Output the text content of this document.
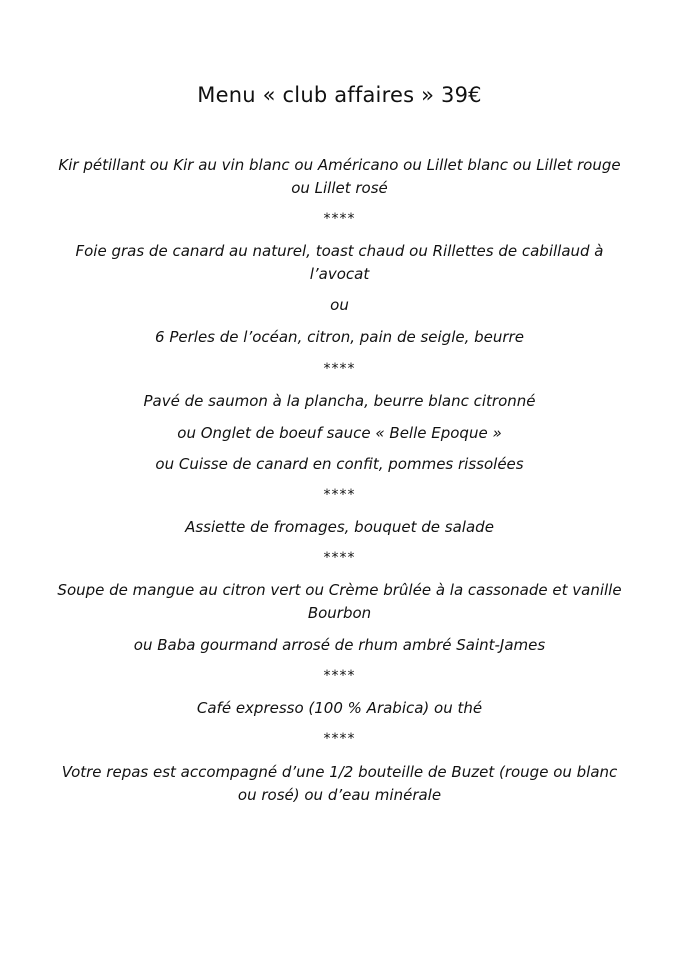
Menu « club affaires » 39€
Kir pétillant ou Kir au vin blanc ou Américano ou Lillet blanc ou Lillet rouge
ou Lillet rosé
****
Foie gras de canard au naturel, toast chaud ou Rillettes de cabillaud à
l’avocat
ou
6 Perles de l’océan, citron, pain de seigle, beurre
****
Pavé de saumon à la plancha, beurre blanc citronné
ou Onglet de boeuf sauce « Belle Epoque »
ou Cuisse de canard en confit, pommes rissolées
****
Assiette de fromages, bouquet de salade
****
Soupe de mangue au citron vert ou Crème brûlée à la cassonade et vanille
Bourbon
ou Baba gourmand arrosé de rhum ambré Saint-James
****
Café expresso (100 % Arabica) ou thé
****
Votre repas est accompagné d’une 1/2 bouteille de Buzet (rouge ou blanc
ou rosé) ou d’eau minérale
